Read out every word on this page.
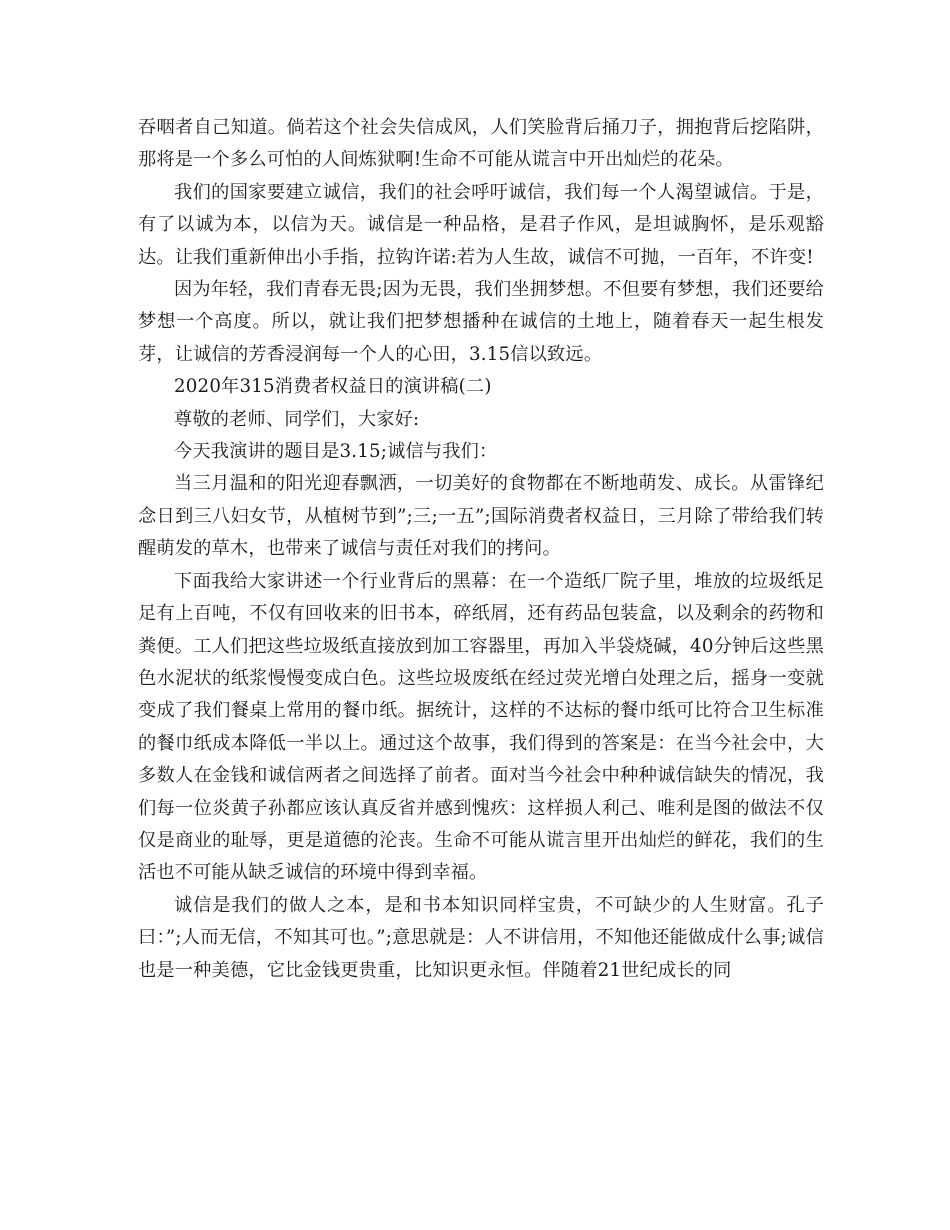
吞咽者自己知道。倘若这个社会失信成风，人们笑脸背后捅刀子，拥抱背后挖陷阱，那将是一个多么可怕的人间炼狱啊!生命不可能从谎言中开出灿烂的花朵。

我们的国家要建立诚信，我们的社会呼吁诚信，我们每一个人渴望诚信。于是，有了以诚为本，以信为天。诚信是一种品格，是君子作风，是坦诚胸怀，是乐观豁达。让我们重新伸出小手指，拉钩许诺:若为人生故，诚信不可抛，一百年，不许变!

因为年轻，我们青春无畏;因为无畏，我们坐拥梦想。不但要有梦想，我们还要给梦想一个高度。所以，就让我们把梦想播种在诚信的土地上，随着春天一起生根发芽，让诚信的芳香浸润每一个人的心田，3.15信以致远。

2020年315消费者权益日的演讲稿(二)

尊敬的老师、同学们，大家好:

今天我演讲的题目是3.15;诚信与我们：

当三月温和的阳光迎春飘洒，一切美好的食物都在不断地萌发、成长。从雷锋纪念日到三八妇女节，从植树节到”;三;一五”;国际消费者权益日，三月除了带给我们转醒萌发的草木，也带来了诚信与责任对我们的拷问。

下面我给大家讲述一个行业背后的黑幕：在一个造纸厂院子里，堆放的垃圾纸足足有上百吨，不仅有回收来的旧书本，碎纸屑，还有药品包装盒，以及剩余的药物和粪便。工人们把这些垃圾纸直接放到加工容器里，再加入半袋烧碱，40分钟后这些黑色水泥状的纸浆慢慢变成白色。这些垃圾废纸在经过荧光增白处理之后，摇身一变就变成了我们餐桌上常用的餐巾纸。据统计，这样的不达标的餐巾纸可比符合卫生标准的餐巾纸成本降低一半以上。通过这个故事，我们得到的答案是：在当今社会中，大多数人在金钱和诚信两者之间选择了前者。面对当今社会中种种诚信缺失的情况，我们每一位炎黄子孙都应该认真反省并感到愧疚：这样损人利己、唯利是图的做法不仅仅是商业的耻辱，更是道德的沦丧。生命不可能从谎言里开出灿烂的鲜花，我们的生活也不可能从缺乏诚信的环境中得到幸福。

诚信是我们的做人之本，是和书本知识同样宝贵，不可缺少的人生财富。孔子曰：”;人而无信，不知其可也。”;意思就是：人不讲信用，不知他还能做成什么事;诚信也是一种美德，它比金钱更贵重，比知识更永恒。伴随着21世纪成长的同
